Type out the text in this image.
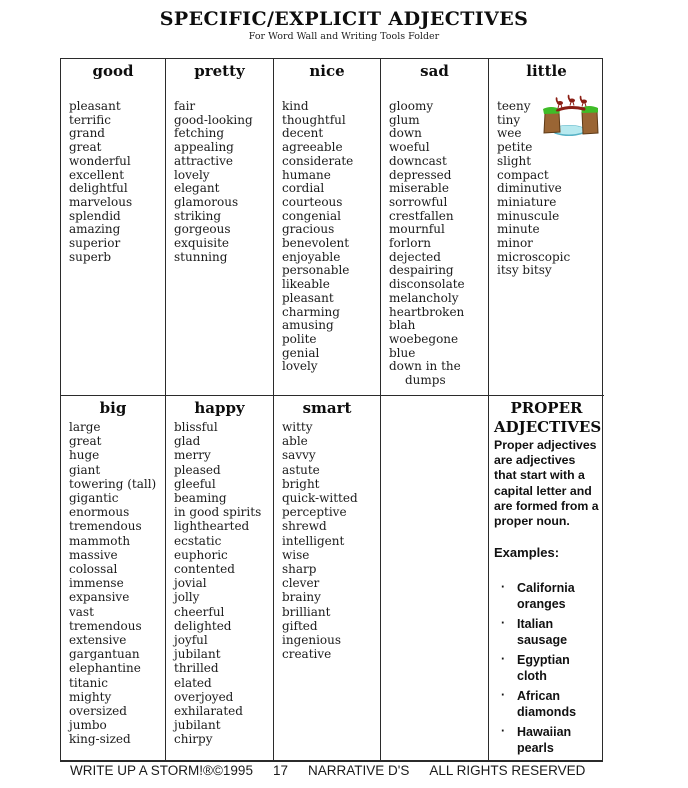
SPECIFIC/EXPLICIT ADJECTIVES
For Word Wall and Writing Tools Folder
good
pleasant
terrific
grand
great
wonderful
excellent
delightful
marvelous
splendid
amazing
superior
superb
pretty
fair
good-looking
fetching
appealing
attractive
lovely
elegant
glamorous
striking
gorgeous
exquisite
stunning
nice
kind
thoughtful
decent
agreeable
considerate
humane
cordial
courteous
congenial
gracious
benevolent
enjoyable
personable
likeable
pleasant
charming
amusing
polite
genial
lovely
sad
gloomy
glum
down
woeful
downcast
depressed
miserable
sorrowful
crestfallen
mournful
forlorn
dejected
despairing
disconsolate
melancholy
heartbroken
blah
woebegone
blue
down in the dumps
little
teeny
tiny
wee
petite
slight
compact
diminutive
miniature
minuscule
minute
minor
microscopic
itsy bitsy
big
large
great
huge
giant
towering (tall)
gigantic
enormous
tremendous
mammoth
massive
colossal
immense
expansive
vast
tremendous
extensive
gargantuan
elephantine
titanic
mighty
oversized
jumbo
king-sized
happy
blissful
glad
merry
pleased
gleeful
beaming
in good spirits
lighthearted
ecstatic
euphoric
contented
jovial
jolly
cheerful
delighted
joyful
jubilant
thrilled
elated
overjoyed
exhilarated
jubilant
chirpy
smart
witty
able
savvy
astute
bright
quick-witted
perceptive
shrewd
intelligent
wise
sharp
clever
brainy
brilliant
gifted
ingenious
creative
PROPER ADJECTIVES
Proper adjectives are adjectives that start with a capital letter and are formed from a proper noun.
Examples:
· California oranges
· Italian sausage
· Egyptian cloth
· African diamonds
· Hawaiian pearls
WRITE UP A STORM!®©1995 17 NARRATIVE D'S ALL RIGHTS RESERVED
